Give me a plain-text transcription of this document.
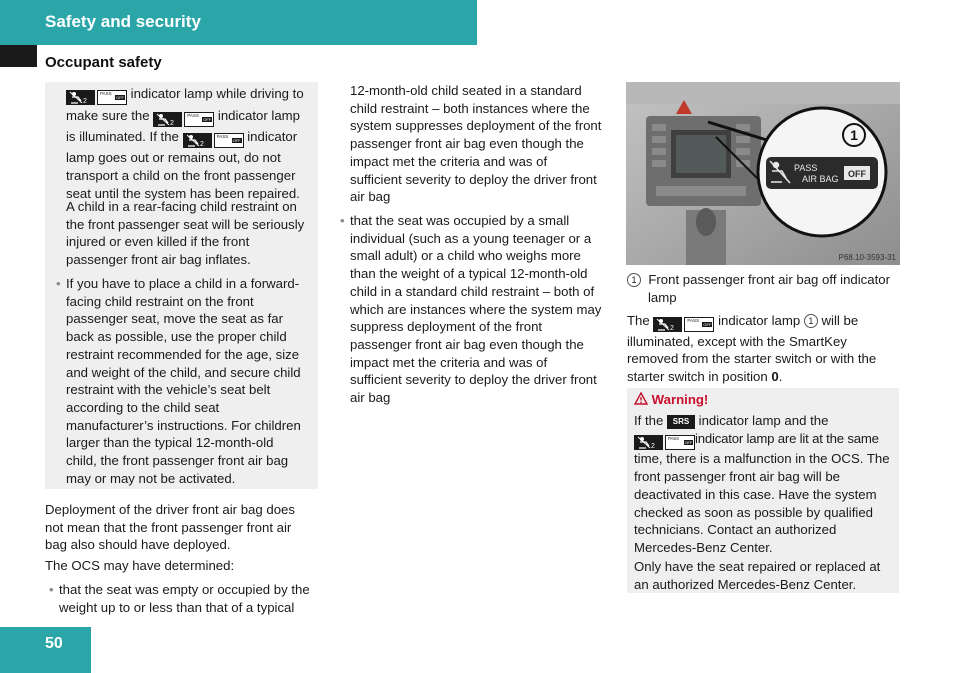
Safety and security
Occupant safety
2
PASS
OFF indicator lamp while driving to
make sure the
2
PASS
OFF indicator lamp
is illuminated. If the
2
PASS
OFF indicator
lamp goes out or remains out, do not
transport a child on the front passenger
seat until the system has been repaired.
A child in a rear-facing child restraint on
the front passenger seat will be seriously
injured or even killed if the front
passenger front air bag inflates.
• If you have to place a child in a forward-
facing child restraint on the front
passenger seat, move the seat as far
back as possible, use the proper child
restraint recommended for the age, size
and weight of the child, and secure child
restraint with the vehicle’s seat belt
according to the child seat
manufacturer’s instructions. For children
larger than the typical 12-month-old
child, the front passenger front air bag
may or may not be activated.
Deployment of the driver front air bag does
not mean that the front passenger front air
bag also should have deployed.
The OCS may have determined:
• that the seat was empty or occupied by the
weight up to or less than that of a typical
12-month-old child seated in a standard
child restraint – both instances where the
system suppresses deployment of the front
passenger front air bag even though the
impact met the criteria and was of
sufficient severity to deploy the driver front
air bag
• that the seat was occupied by a small
individual (such as a young teenager or a
small adult) or a child who weighs more
than the weight of a typical 12-month-old
child in a standard child restraint – both of
which are instances where the system may
suppress deployment of the front
passenger front air bag even though the
impact met the criteria and was of
sufficient severity to deploy the driver front
air bag
1
PASS
AIR BAG OFF
P68.10-3593-31
1 Front passenger front air bag off indicator
lamp
The
2
PASS
OFF indicator lamp 1 will be
illuminated, except with the SmartKey
removed from the starter switch or with the
starter switch in position 0.
Warning!
If the SRS indicator lamp and the
2
PASS
OFF indicator lamp are lit at the same
time, there is a malfunction in the OCS. The
front passenger front air bag will be
deactivated in this case. Have the system
checked as soon as possible by qualified
technicians. Contact an authorized
Mercedes-Benz Center.
Only have the seat repaired or replaced at
an authorized Mercedes-Benz Center.
50
